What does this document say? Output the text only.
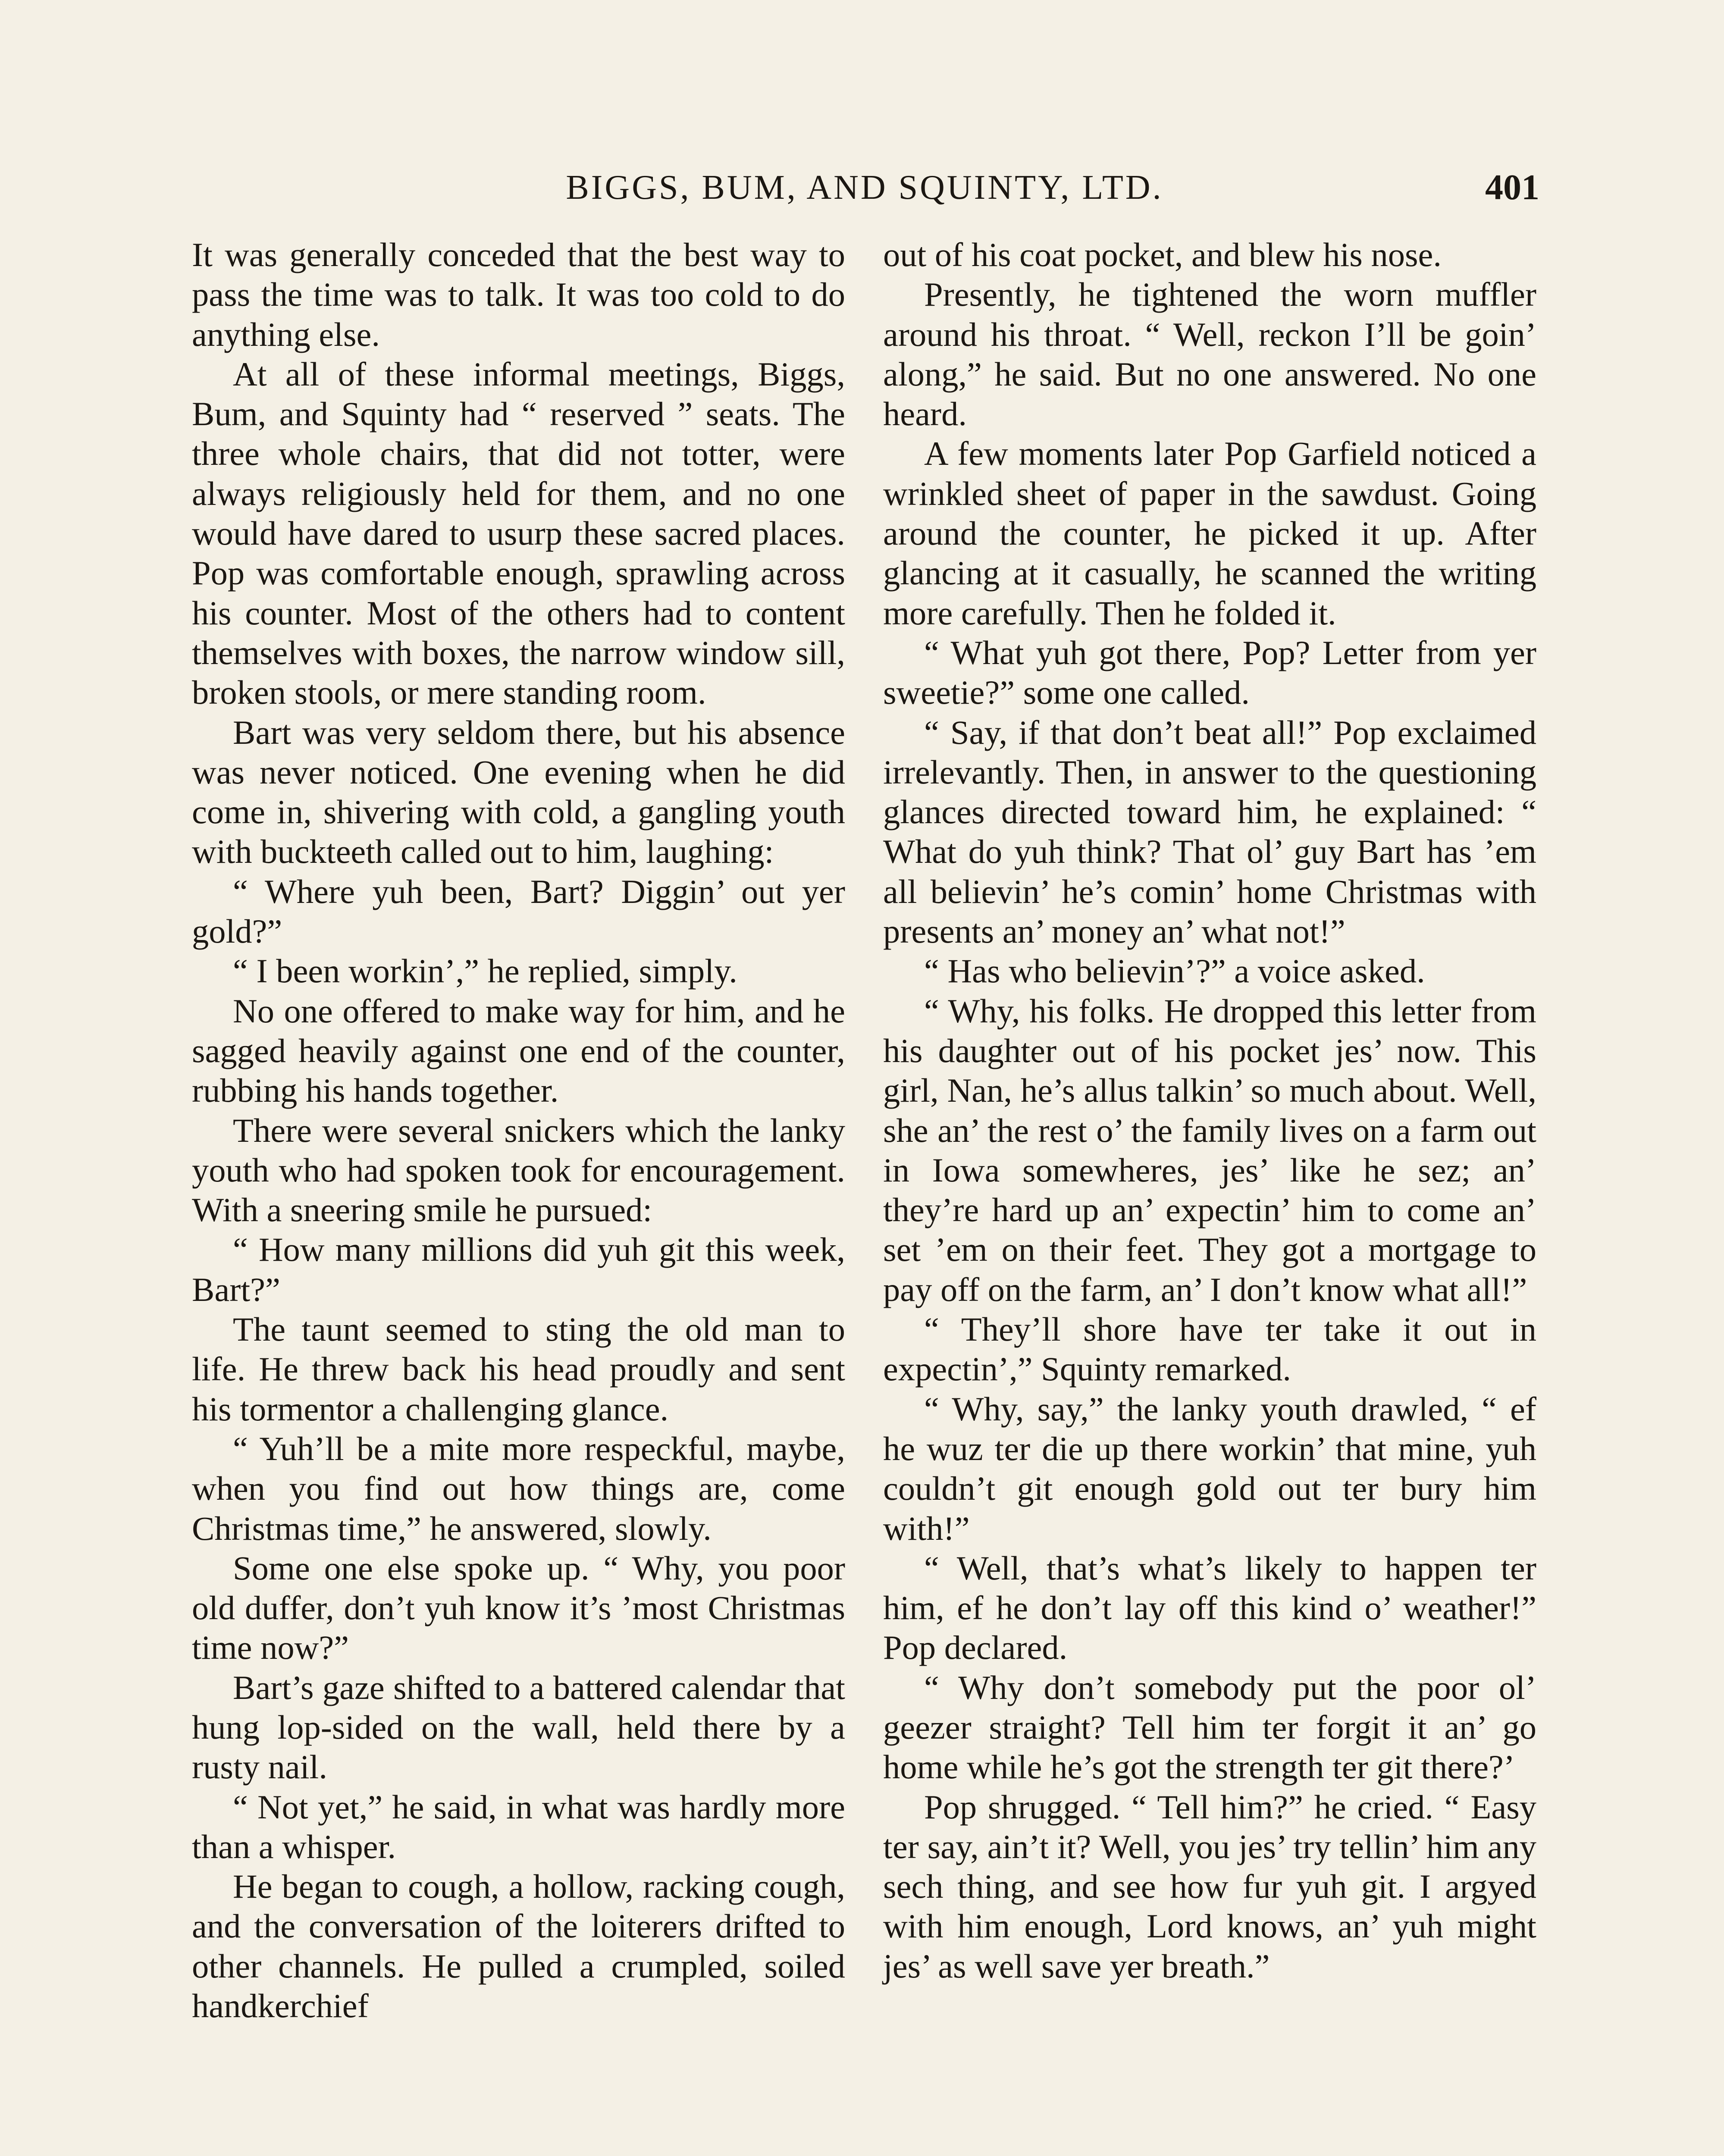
BIGGS, BUM, AND SQUINTY, LTD.	401

It was generally conceded that the best way to pass the time was to talk. It was too cold to do anything else.

At all of these informal meetings, Biggs, Bum, and Squinty had “ reserved ” seats. The three whole chairs, that did not totter, were always religiously held for them, and no one would have dared to usurp these sacred places. Pop was comfortable enough, sprawling across his counter. Most of the others had to content themselves with boxes, the narrow window sill, broken stools, or mere standing room.

Bart was very seldom there, but his absence was never noticed. One evening when he did come in, shivering with cold, a gangling youth with buckteeth called out to him, laughing:

“ Where yuh been, Bart? Diggin’ out yer gold?”

“ I been workin’,” he replied, simply.

No one offered to make way for him, and he sagged heavily against one end of the counter, rubbing his hands together.

There were several snickers which the lanky youth who had spoken took for encouragement. With a sneering smile he pursued:

“ How many millions did yuh git this week, Bart?”

The taunt seemed to sting the old man to life. He threw back his head proudly and sent his tormentor a challenging glance.

“ Yuh’ll be a mite more respeckful, maybe, when you find out how things are, come Christmas time,” he answered, slowly.

Some one else spoke up. “ Why, you poor old duffer, don’t yuh know it’s ’most Christmas time now?”

Bart’s gaze shifted to a battered calendar that hung lop-sided on the wall, held there by a rusty nail.

“ Not yet,” he said, in what was hardly more than a whisper.

He began to cough, a hollow, racking cough, and the conversation of the loiterers drifted to other channels. He pulled a crumpled, soiled handkerchief

out of his coat pocket, and blew his nose.

Presently, he tightened the worn muffler around his throat. “ Well, reckon I’ll be goin’ along,” he said. But no one answered. No one heard.

A few moments later Pop Garfield noticed a wrinkled sheet of paper in the sawdust. Going around the counter, he picked it up. After glancing at it casually, he scanned the writing more carefully. Then he folded it.

“ What yuh got there, Pop? Letter from yer sweetie?” some one called.

“ Say, if that don’t beat all!” Pop exclaimed irrelevantly. Then, in answer to the questioning glances directed toward him, he explained: “ What do yuh think? That ol’ guy Bart has ’em all believin’ he’s comin’ home Christmas with presents an’ money an’ what not!”

“ Has who believin’?” a voice asked.

“ Why, his folks. He dropped this letter from his daughter out of his pocket jes’ now. This girl, Nan, he’s allus talkin’ so much about. Well, she an’ the rest o’ the family lives on a farm out in Iowa somewheres, jes’ like he sez; an’ they’re hard up an’ expectin’ him to come an’ set ’em on their feet. They got a mortgage to pay off on the farm, an’ I don’t know what all!”

“ They’ll shore have ter take it out in expectin’,” Squinty remarked.

“ Why, say,” the lanky youth drawled, “ ef he wuz ter die up there workin’ that mine, yuh couldn’t git enough gold out ter bury him with!”

“ Well, that’s what’s likely to happen ter him, ef he don’t lay off this kind o’ weather!” Pop declared.

“ Why don’t somebody put the poor ol’ geezer straight? Tell him ter forgit it an’ go home while he’s got the strength ter git there?’

Pop shrugged. “ Tell him?” he cried. “ Easy ter say, ain’t it? Well, you jes’ try tellin’ him any sech thing, and see how fur yuh git. I argyed with him enough, Lord knows, an’ yuh might jes’ as well save yer breath.”
